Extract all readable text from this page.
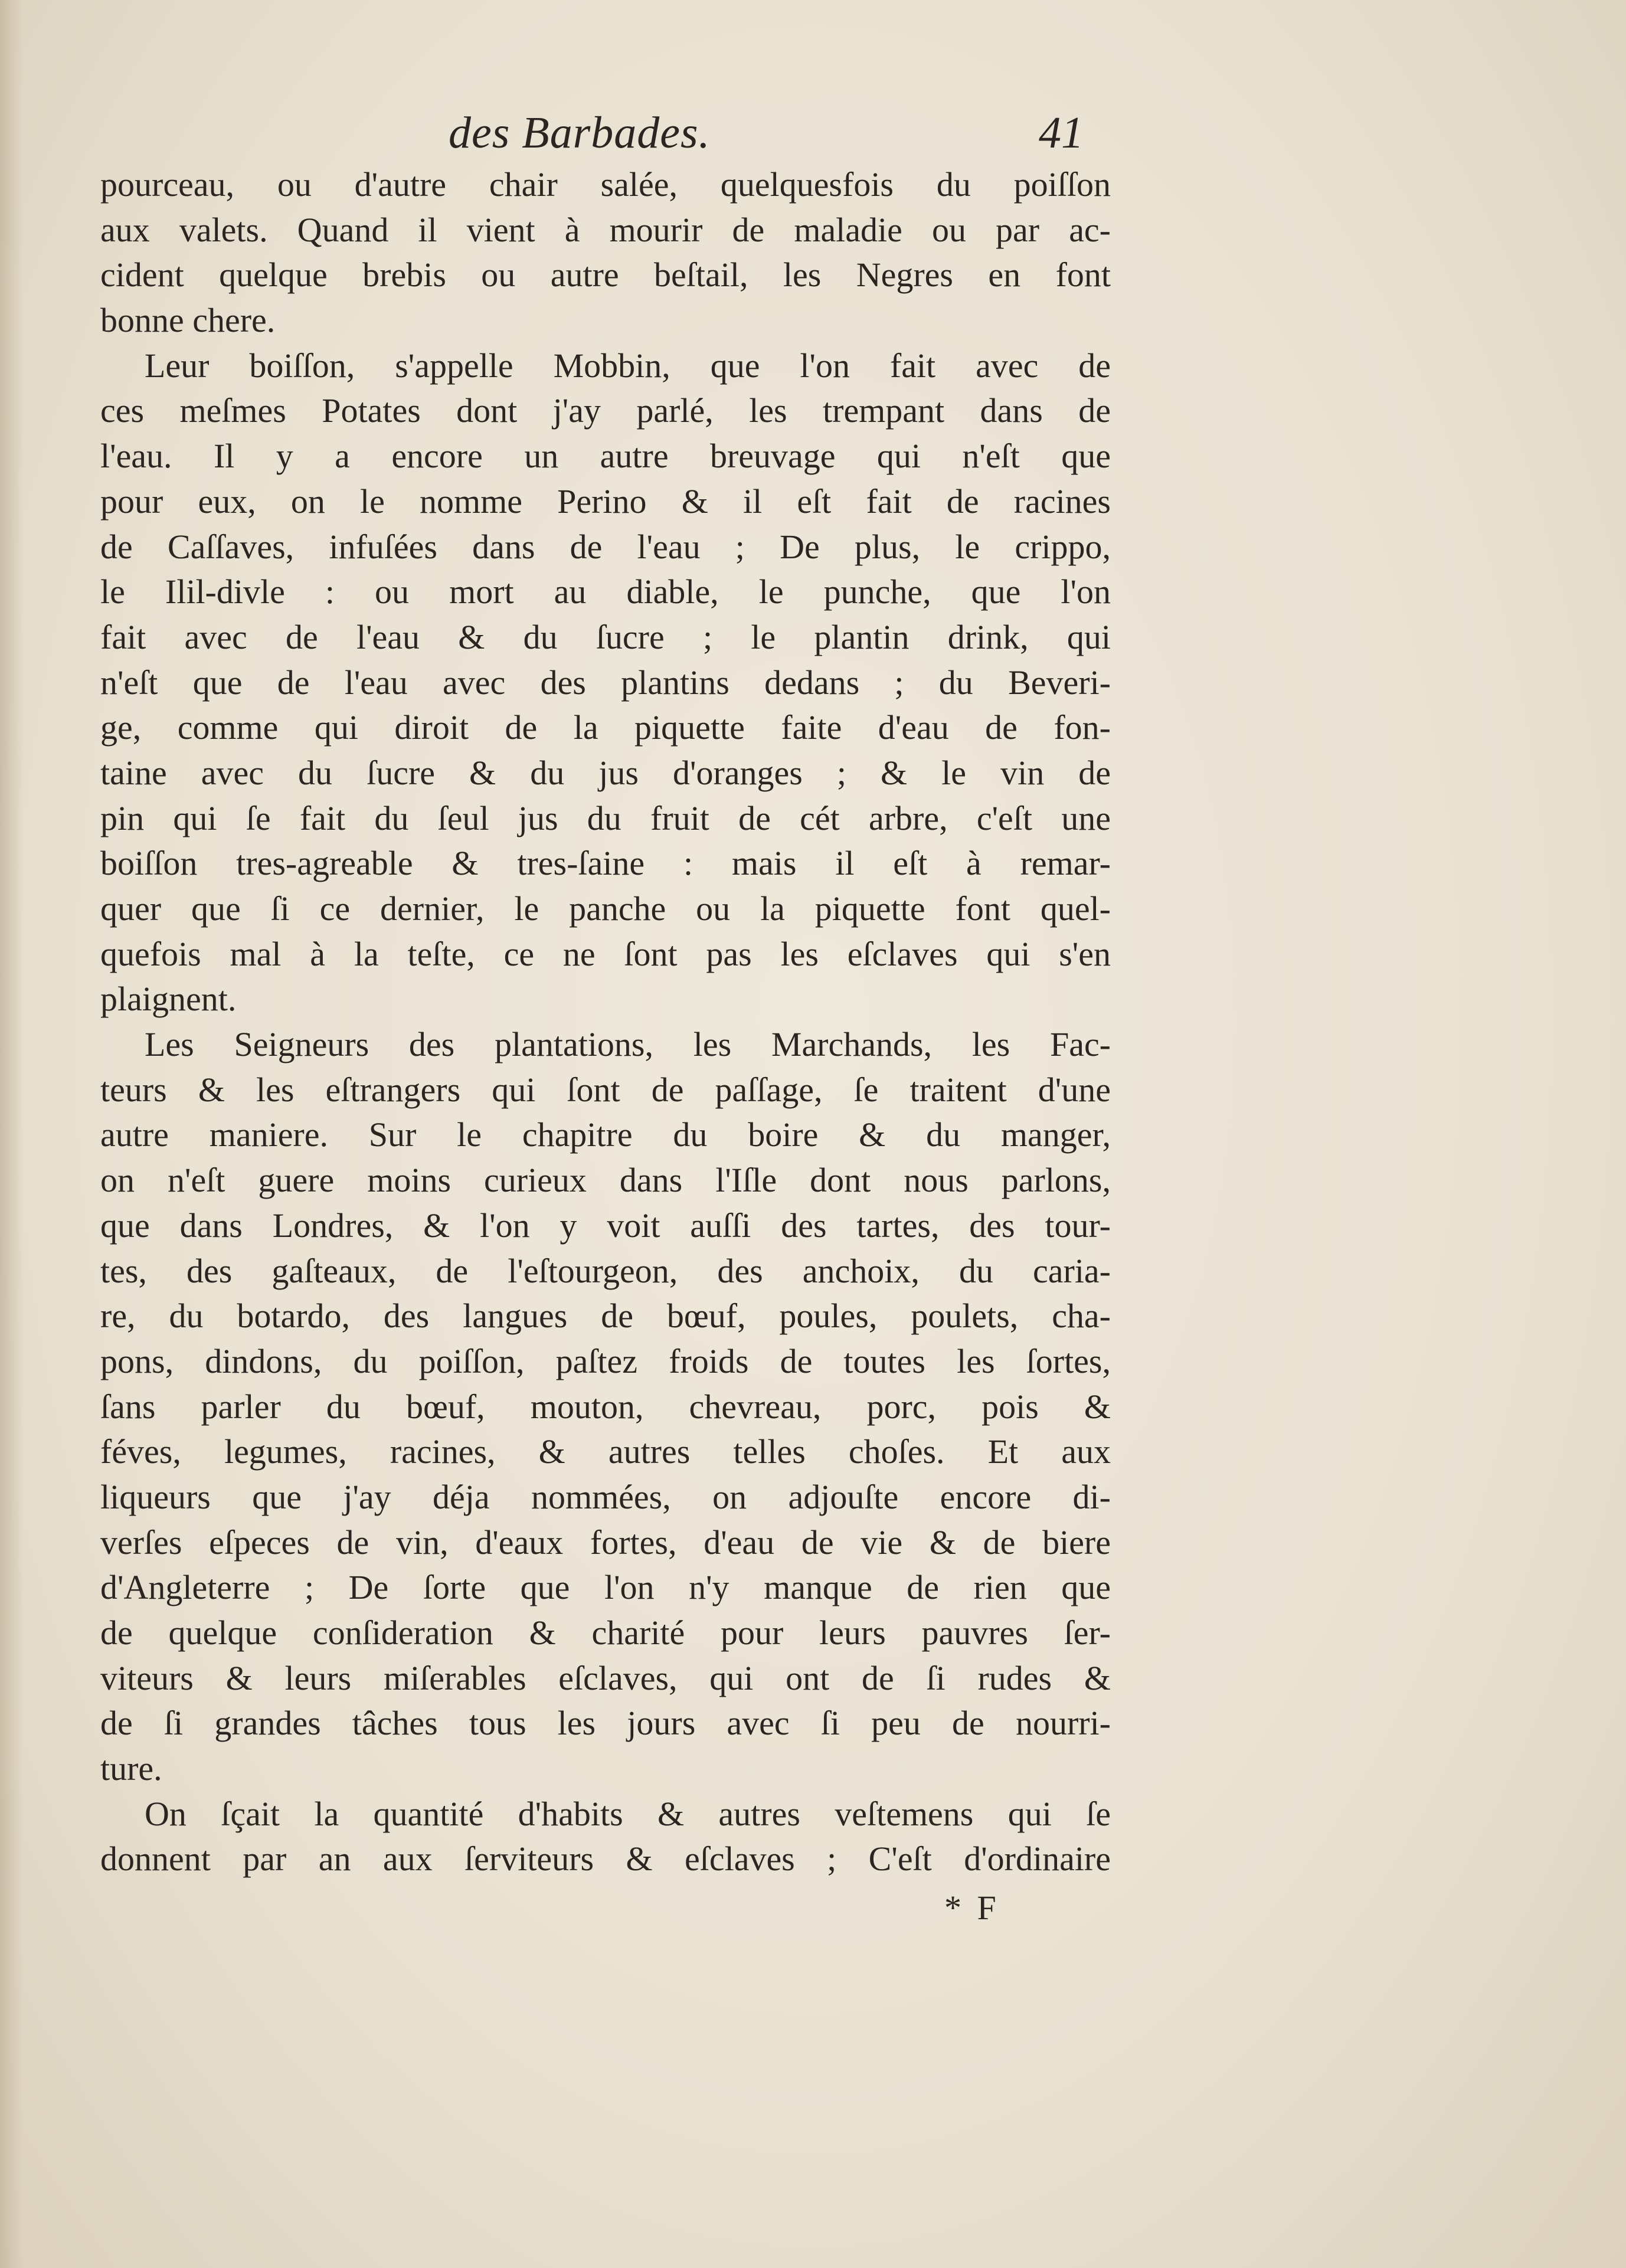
des Barbades.	41
pourceau, ou d'autre chair salée, quelquesfois du poiſſon
aux valets. Quand il vient à mourir de maladie ou par ac-
cident quelque brebis ou autre beſtail, les Negres en font
bonne chere.
Leur boiſſon, s'appelle Mobbin, que l'on fait avec de
ces meſmes Potates dont j'ay parlé, les trempant dans de
l'eau. Il y a encore un autre breuvage qui n'eſt que
pour eux, on le nomme Perino & il eſt fait de racines
de Caſſaves, infuſées dans de l'eau ; De plus, le crippo,
le Ilil-divle : ou mort au diable, le punche, que l'on
fait avec de l'eau & du ſucre ; le plantin drink, qui
n'eſt que de l'eau avec des plantins dedans ; du Beveri-
ge, comme qui diroit de la piquette faite d'eau de fon-
taine avec du ſucre & du jus d'oranges ; & le vin de
pin qui ſe fait du ſeul jus du fruit de cét arbre, c'eſt une
boiſſon tres-agreable & tres-ſaine : mais il eſt à remar-
quer que ſi ce dernier, le panche ou la piquette font quel-
quefois mal à la teſte, ce ne ſont pas les eſclaves qui s'en
plaignent.
Les Seigneurs des plantations, les Marchands, les Fac-
teurs & les eſtrangers qui ſont de paſſage, ſe traitent d'une
autre maniere. Sur le chapitre du boire & du manger,
on n'eſt guere moins curieux dans l'Iſle dont nous parlons,
que dans Londres, & l'on y voit auſſi des tartes, des tour-
tes, des gaſteaux, de l'eſtourgeon, des anchoix, du caria-
re, du botardo, des langues de bœuf, poules, poulets, cha-
pons, dindons, du poiſſon, paſtez froids de toutes les ſortes,
ſans parler du bœuf, mouton, chevreau, porc, pois &
féves, legumes, racines, & autres telles choſes. Et aux
liqueurs que j'ay déja nommées, on adjouſte encore di-
verſes eſpeces de vin, d'eaux fortes, d'eau de vie & de biere
d'Angleterre ; De ſorte que l'on n'y manque de rien que
de quelque conſideration & charité pour leurs pauvres ſer-
viteurs & leurs miſerables eſclaves, qui ont de ſi rudes &
de ſi grandes tâches tous les jours avec ſi peu de nourri-
ture.
On ſçait la quantité d'habits & autres veſtemens qui ſe
donnent par an aux ſerviteurs & eſclaves ; C'eſt d'ordinaire
* F
